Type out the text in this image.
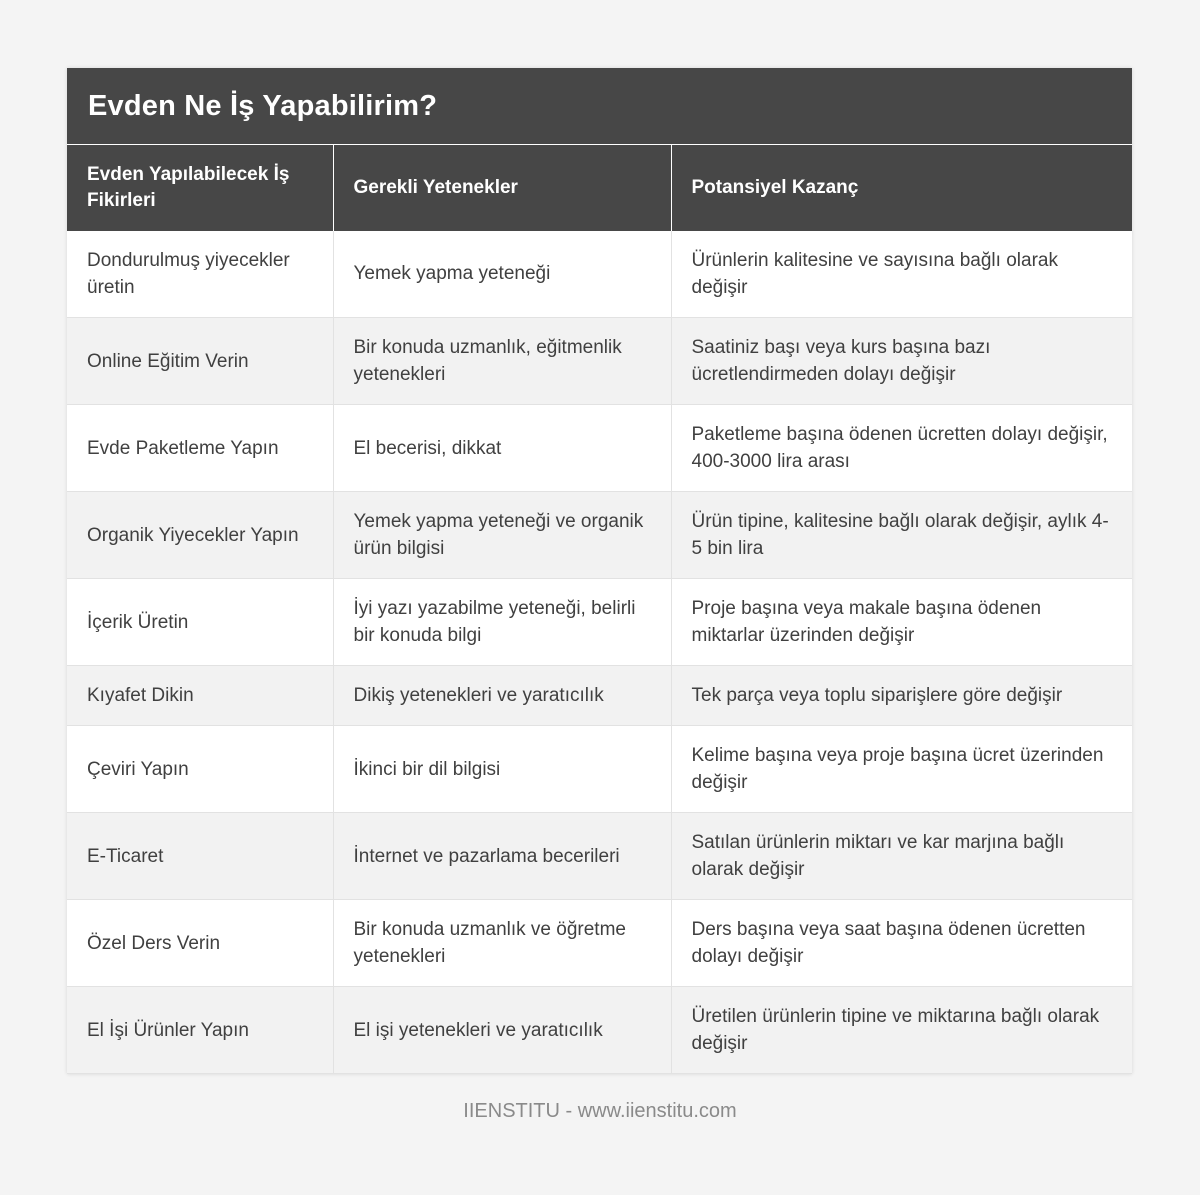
Evden Ne İş Yapabilirim?
Evden Yapılabilecek İş Fikirleri	Gerekli Yetenekler	Potansiyel Kazanç
Dondurulmuş yiyecekler üretin	Yemek yapma yeteneği	Ürünlerin kalitesine ve sayısına bağlı olarak değişir
Online Eğitim Verin	Bir konuda uzmanlık, eğitmenlik yetenekleri	Saatiniz başı veya kurs başına bazı ücretlendirmeden dolayı değişir
Evde Paketleme Yapın	El becerisi, dikkat	Paketleme başına ödenen ücretten dolayı değişir, 400-3000 lira arası
Organik Yiyecekler Yapın	Yemek yapma yeteneği ve organik ürün bilgisi	Ürün tipine, kalitesine bağlı olarak değişir, aylık 4-5 bin lira
İçerik Üretin	İyi yazı yazabilme yeteneği, belirli bir konuda bilgi	Proje başına veya makale başına ödenen miktarlar üzerinden değişir
Kıyafet Dikin	Dikiş yetenekleri ve yaratıcılık	Tek parça veya toplu siparişlere göre değişir
Çeviri Yapın	İkinci bir dil bilgisi	Kelime başına veya proje başına ücret üzerinden değişir
E-Ticaret	İnternet ve pazarlama becerileri	Satılan ürünlerin miktarı ve kar marjına bağlı olarak değişir
Özel Ders Verin	Bir konuda uzmanlık ve öğretme yetenekleri	Ders başına veya saat başına ödenen ücretten dolayı değişir
El İşi Ürünler Yapın	El işi yetenekleri ve yaratıcılık	Üretilen ürünlerin tipine ve miktarına bağlı olarak değişir
IIENSTITU - www.iienstitu.com
